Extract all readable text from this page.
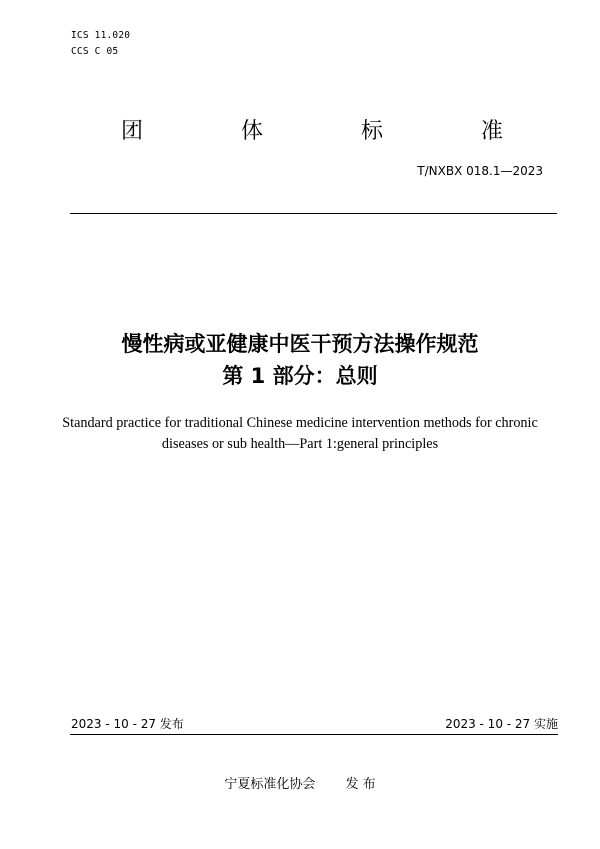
ICS 11.020
CCS C 05
团	体	标	准
T/NXBX 018.1—2023
慢性病或亚健康中医干预方法操作规范
第 1 部分：总则
Standard practice for traditional Chinese medicine intervention methods for chronic
diseases or sub health—Part 1:general principles
2023 - 10 - 27 发布	2023 - 10 - 27 实施
宁夏标准化协会 发 布
